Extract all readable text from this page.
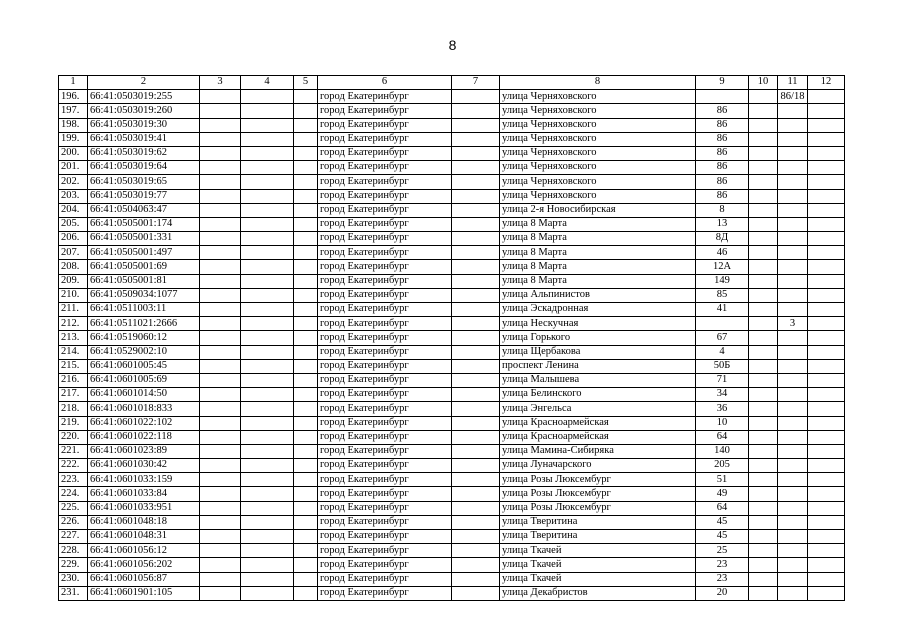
8
1	2	3	4	5	6	7	8	9	10	11	12
196.	66:41:0503019:255				город Екатеринбург		улица Черняховского			86/18	
197.	66:41:0503019:260				город Екатеринбург		улица Черняховского	86			
198.	66:41:0503019:30				город Екатеринбург		улица Черняховского	86			
199.	66:41:0503019:41				город Екатеринбург		улица Черняховского	86			
200.	66:41:0503019:62				город Екатеринбург		улица Черняховского	86			
201.	66:41:0503019:64				город Екатеринбург		улица Черняховского	86			
202.	66:41:0503019:65				город Екатеринбург		улица Черняховского	86			
203.	66:41:0503019:77				город Екатеринбург		улица Черняховского	86			
204.	66:41:0504063:47				город Екатеринбург		улица 2-я Новосибирская	8			
205.	66:41:0505001:174				город Екатеринбург		улица 8 Марта	13			
206.	66:41:0505001:331				город Екатеринбург		улица 8 Марта	8Д			
207.	66:41:0505001:497				город Екатеринбург		улица 8 Марта	46			
208.	66:41:0505001:69				город Екатеринбург		улица 8 Марта	12А			
209.	66:41:0505001:81				город Екатеринбург		улица 8 Марта	149			
210.	66:41:0509034:1077				город Екатеринбург		улица Альпинистов	85			
211.	66:41:0511003:11				город Екатеринбург		улица Эскадронная	41			
212.	66:41:0511021:2666				город Екатеринбург		улица Нескучная			3	
213.	66:41:0519060:12				город Екатеринбург		улица Горького	67			
214.	66:41:0529002:10				город Екатеринбург		улица Щербакова	4			
215.	66:41:0601005:45				город Екатеринбург		проспект Ленина	50Б			
216.	66:41:0601005:69				город Екатеринбург		улица Малышева	71			
217.	66:41:0601014:50				город Екатеринбург		улица Белинского	34			
218.	66:41:0601018:833				город Екатеринбург		улица Энгельса	36			
219.	66:41:0601022:102				город Екатеринбург		улица Красноармейская	10			
220.	66:41:0601022:118				город Екатеринбург		улица Красноармейская	64			
221.	66:41:0601023:89				город Екатеринбург		улица Мамина-Сибиряка	140			
222.	66:41:0601030:42				город Екатеринбург		улица Луначарского	205			
223.	66:41:0601033:159				город Екатеринбург		улица Розы Люксембург	51			
224.	66:41:0601033:84				город Екатеринбург		улица Розы Люксембург	49			
225.	66:41:0601033:951				город Екатеринбург		улица Розы Люксембург	64			
226.	66:41:0601048:18				город Екатеринбург		улица Тверитина	45			
227.	66:41:0601048:31				город Екатеринбург		улица Тверитина	45			
228.	66:41:0601056:12				город Екатеринбург		улица Ткачей	25			
229.	66:41:0601056:202				город Екатеринбург		улица Ткачей	23			
230.	66:41:0601056:87				город Екатеринбург		улица Ткачей	23			
231.	66:41:0601901:105				город Екатеринбург		улица Декабристов	20			
